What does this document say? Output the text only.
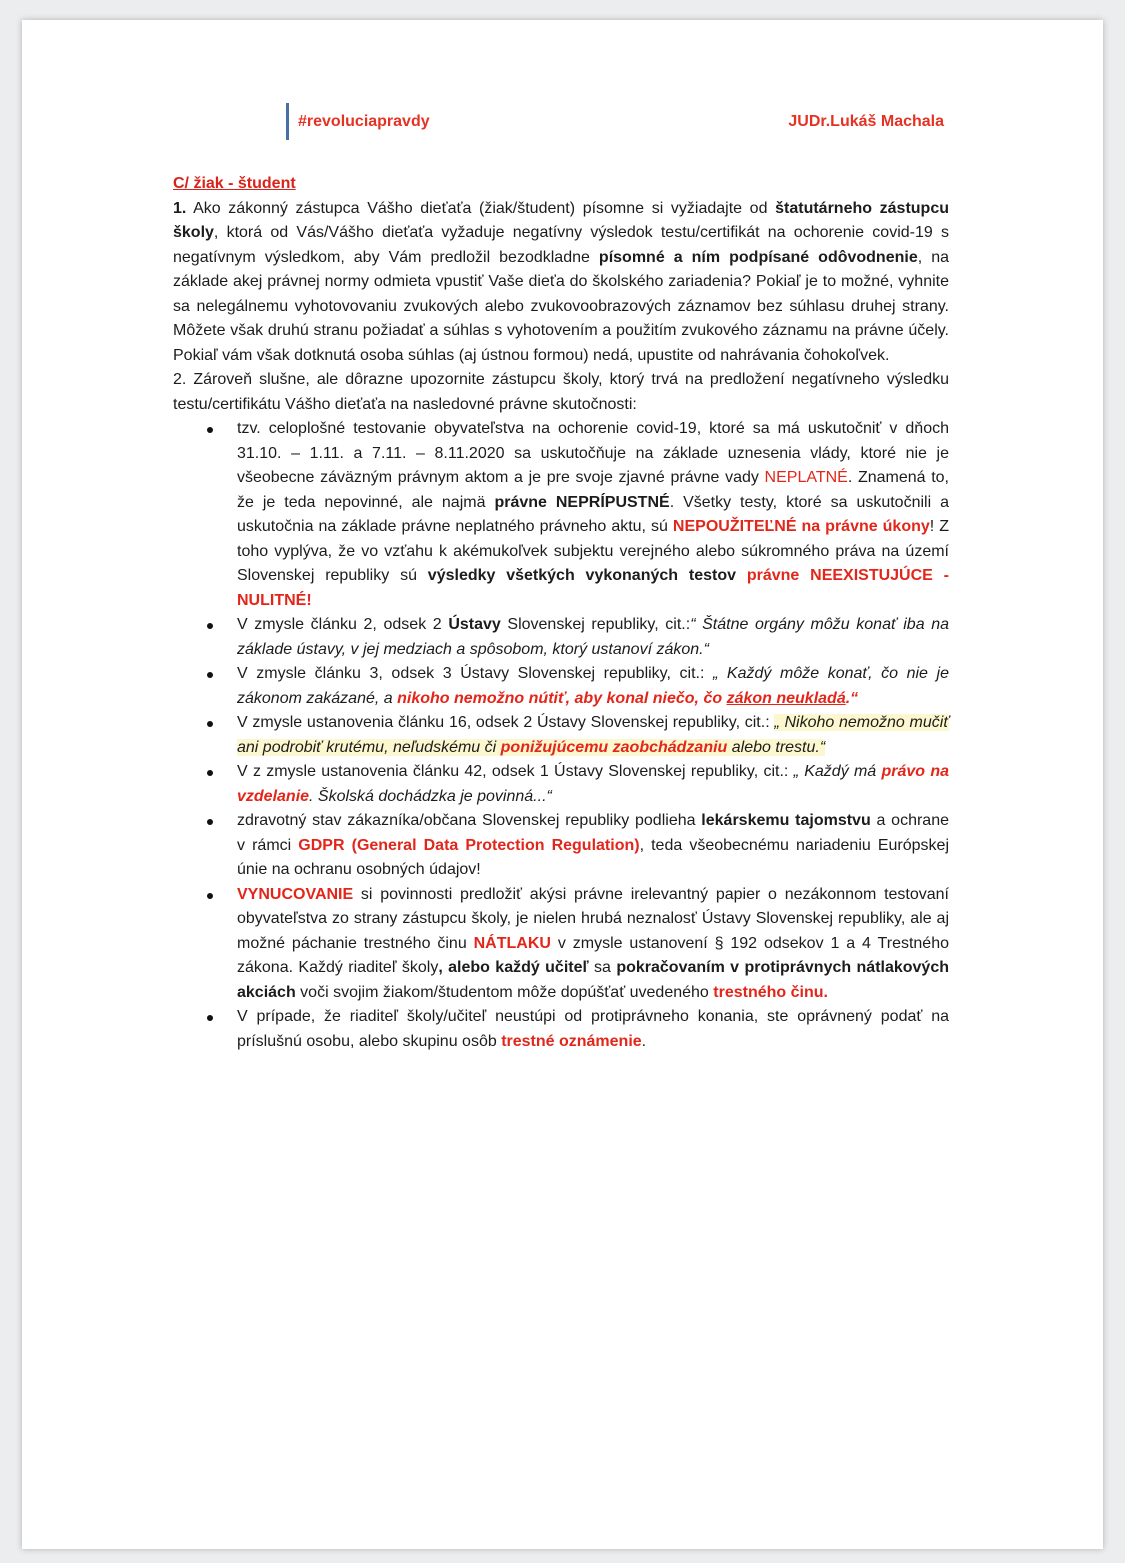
#revoluciapravdy	JUDr.Lukáš Machala
C/ žiak - študent

1. Ako zákonný zástupca Vášho dieťaťa (žiak/študent) písomne si vyžiadajte od štatutárneho zástupcu školy, ktorá od Vás/Vášho dieťaťa vyžaduje negatívny výsledok testu/certifikát na ochorenie covid-19 s negatívnym výsledkom, aby Vám predložil bezodkladne písomné a ním podpísané odôvodnenie, na základe akej právnej normy odmieta vpustiť Vaše dieťa do školského zariadenia? Pokiaľ je to možné, vyhnite sa nelegálnemu vyhotovovaniu zvukových alebo zvukovoobrazových záznamov bez súhlasu druhej strany. Môžete však druhú stranu požiadať a súhlas s vyhotovením a použitím zvukového záznamu na právne účely. Pokiaľ vám však dotknutá osoba súhlas (aj ústnou formou) nedá, upustite od nahrávania čohokoľvek.

2. Zároveň slušne, ale dôrazne upozornite zástupcu školy, ktorý trvá na predložení negatívneho výsledku testu/certifikátu Vášho dieťaťa na nasledovné právne skutočnosti:

tzv. celoplošné testovanie obyvateľstva na ochorenie covid-19, ktoré sa má uskutočniť v dňoch 31.10. – 1.11. a 7.11. – 8.11.2020 sa uskutočňuje na základe uznesenia vlády, ktoré nie je všeobecne záväzným právnym aktom a je pre svoje zjavné právne vady NEPLATNÉ. Znamená to, že je teda nepovinné, ale najmä právne NEPRÍPUSTNÉ. Všetky testy, ktoré sa uskutočnili a uskutočnia na základe právne neplatného právneho aktu, sú NEPOUŽITEĽNÉ na právne úkony! Z toho vyplýva, že vo vzťahu k akémukoľvek subjektu verejného alebo súkromného práva na území Slovenskej republiky sú výsledky všetkých vykonaných testov právne NEEXISTUJÚCE - NULITNÉ!
V zmysle článku 2, odsek 2 Ústavy Slovenskej republiky, cit.:“ Štátne orgány môžu konať iba na základe ústavy, v jej medziach a spôsobom, ktorý ustanoví zákon.“
V zmysle článku 3, odsek 3 Ústavy Slovenskej republiky, cit.: „ Každý môže konať, čo nie je zákonom zakázané, a nikoho nemožno nútiť, aby konal niečo, čo zákon neukladá.“
V zmysle ustanovenia článku 16, odsek 2 Ústavy Slovenskej republiky, cit.: „ Nikoho nemožno mučiť ani podrobiť krutému, neľudskému či ponižujúcemu zaobchádzaniu alebo trestu.“
V z zmysle ustanovenia článku 42, odsek 1 Ústavy Slovenskej republiky, cit.: „ Každý má právo na vzdelanie. Školská dochádzka je povinná...“
zdravotný stav zákazníka/občana Slovenskej republiky podlieha lekárskemu tajomstvu a ochrane v rámci GDPR (General Data Protection Regulation), teda všeobecnému nariadeniu Európskej únie na ochranu osobných údajov!
VYNUCOVANIE si povinnosti predložiť akýsi právne irelevantný papier o nezákonnom testovaní obyvateľstva zo strany zástupcu školy, je nielen hrubá neznalosť Ústavy Slovenskej republiky, ale aj možné páchanie trestného činu NÁTLAKU v zmysle ustanovení § 192 odsekov 1 a 4 Trestného zákona. Každý riaditeľ školy, alebo každý učiteľ sa pokračovaním v protiprávnych nátlakových akciách voči svojim žiakom/študentom môže dopúšťať uvedeného trestného činu.
V prípade, že riaditeľ školy/učiteľ neustúpi od protiprávneho konania, ste oprávnený podať na príslušnú osobu, alebo skupinu osôb trestné oznámenie.
